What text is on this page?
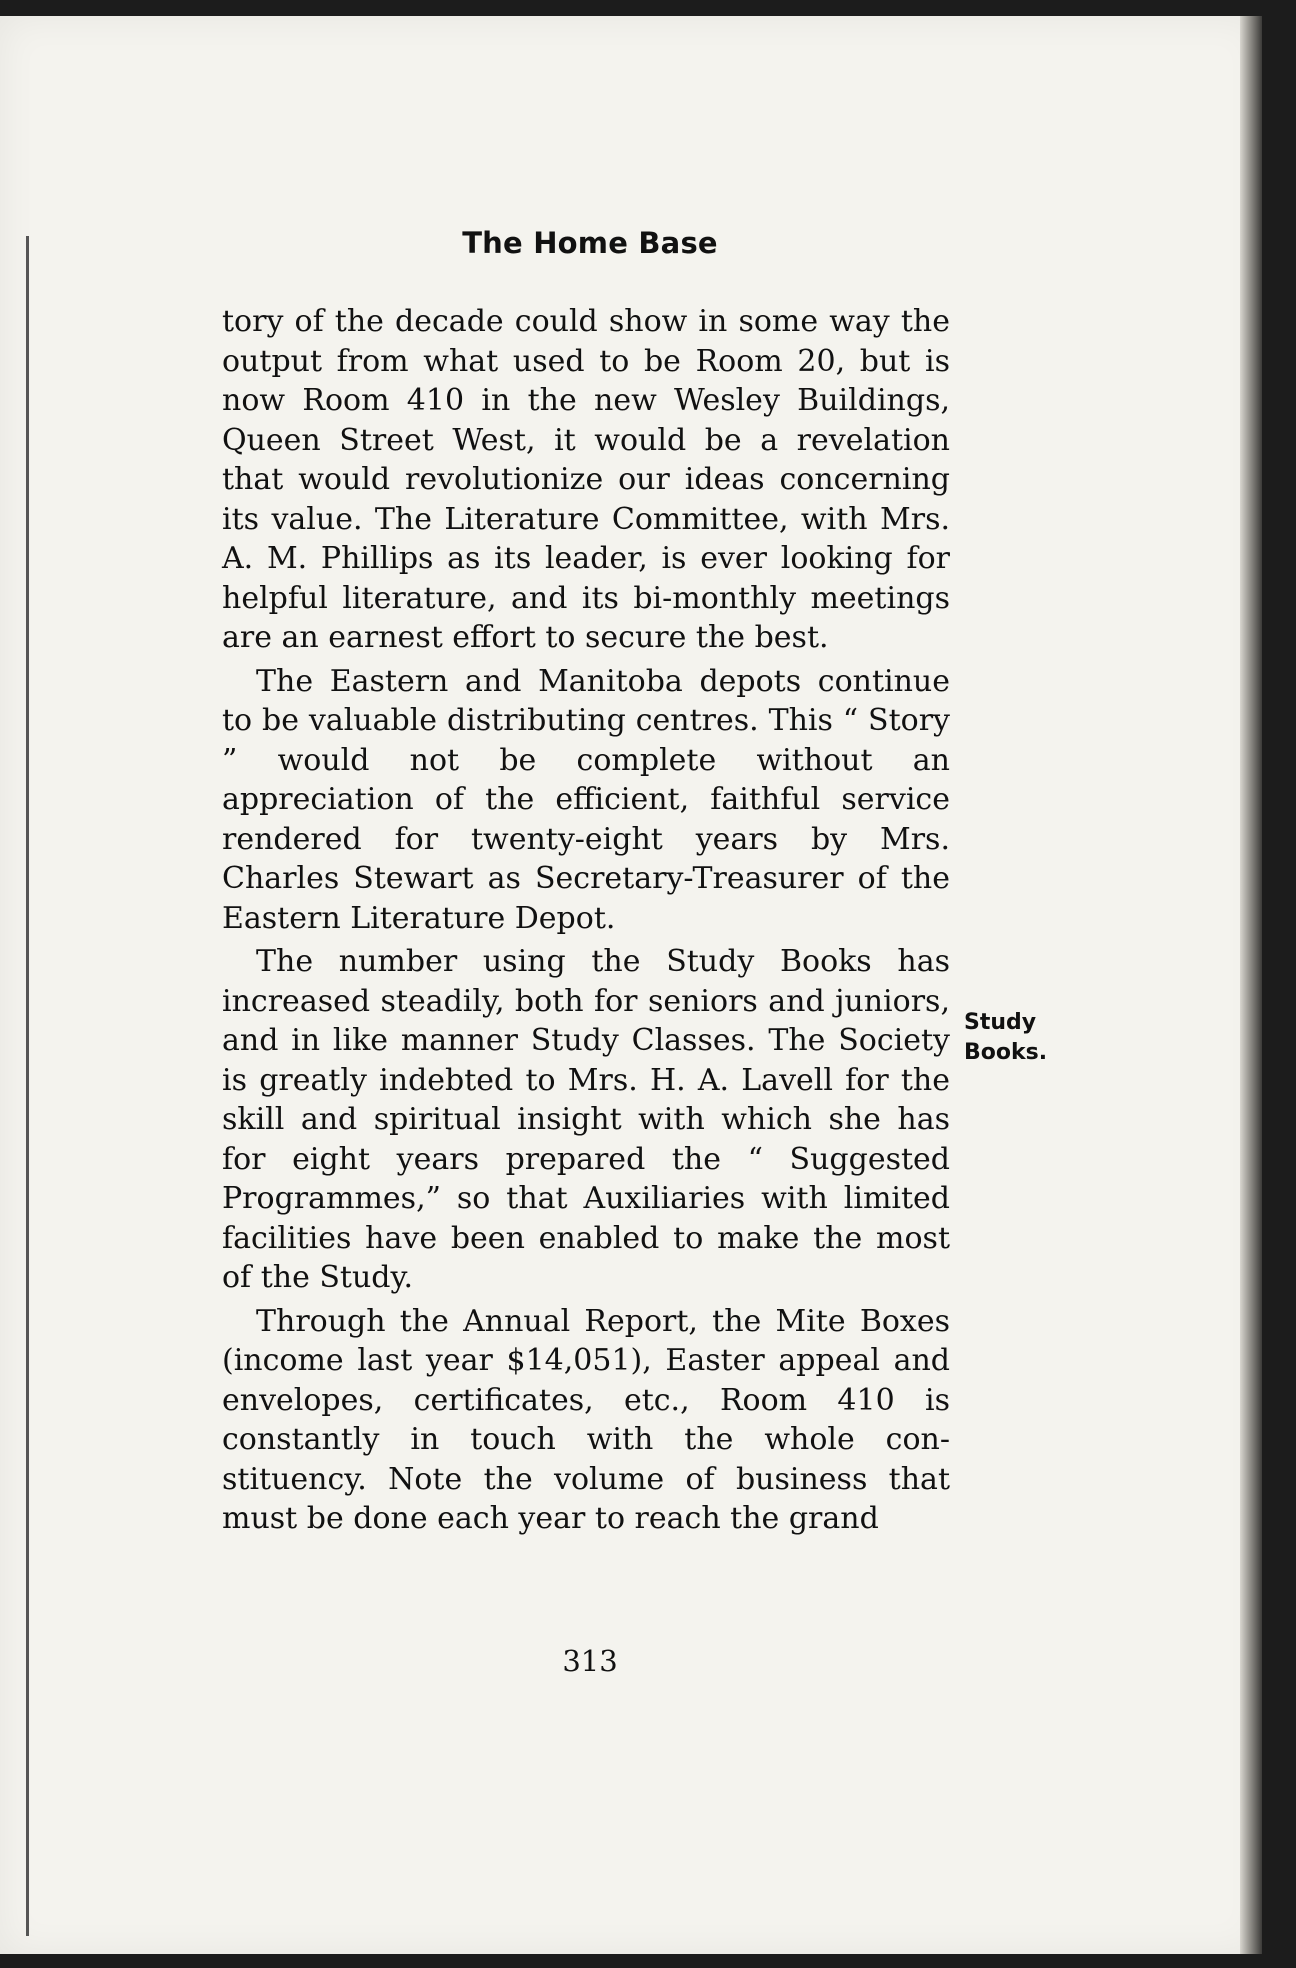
The Home Base

tory of the decade could show in some way the output from what used to be Room 20, but is now Room 410 in the new Wesley Buildings, Queen Street West, it would be a revelation that would revolutionize our ideas concerning its value. The Literature Committee, with Mrs. A. M. Phillips as its leader, is ever looking for helpful literature, and its bi-monthly meetings are an earnest effort to secure the best.

The Eastern and Manitoba depots continue to be valuable distributing centres. This “ Story ” would not be complete without an appreciation of the efficient, faithful service rendered for twenty-eight years by Mrs. Charles Stewart as Secretary-Treasurer of the Eastern Literature Depot.

The number using the Study Books has increased steadily, both for seniors and juniors, and in like manner Study Classes. The Society is greatly indebted to Mrs. H. A. Lavell for the skill and spiritual insight with which she has for eight years prepared the “ Suggested Programmes,” so that Auxiliaries with limited facilities have been enabled to make the most of the Study.

Through the Annual Report, the Mite Boxes (income last year $14,051), Easter appeal and envelopes, certificates, etc., Room 410 is constantly in touch with the whole constituency. Note the volume of business that must be done each year to reach the grand

Study
Books.
313
